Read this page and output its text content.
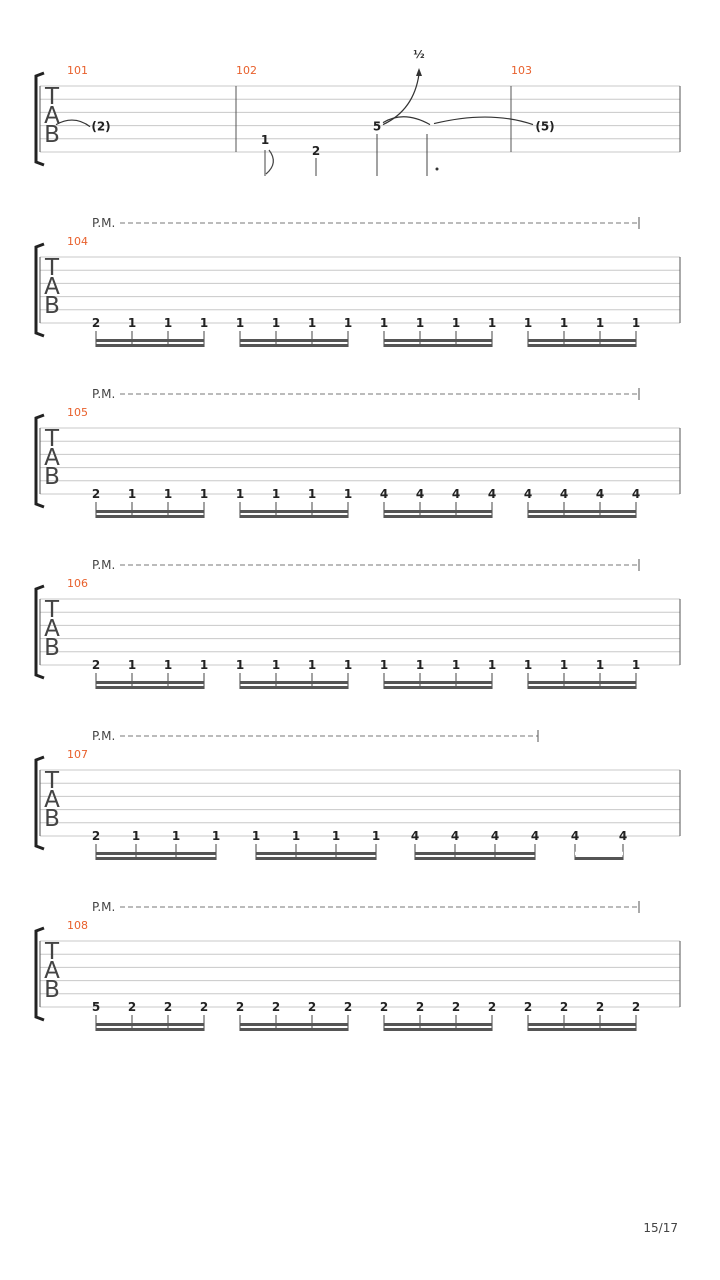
T
A
B
101	102	103
(2)
1
2
5
½
(5)
T
A
B
104
P.M.
2 1 1 1 1 1 1 1 1 1 1 1 1 1 1 1
T
A
B
105
P.M.
2 1 1 1 1 1 1 1 4 4 4 4 4 4 4 4
T
A
B
106
P.M.
2 1 1 1 1 1 1 1 1 1 1 1 1 1 1 1
T
A
B
107
P.M.
2	1	1	1	1	1	1	1	4	4	4	4	4	4
T
A
B
108
P.M.
5 2 2 2 2 2 2 2 2 2 2 2 2 2 2 2
15/17
